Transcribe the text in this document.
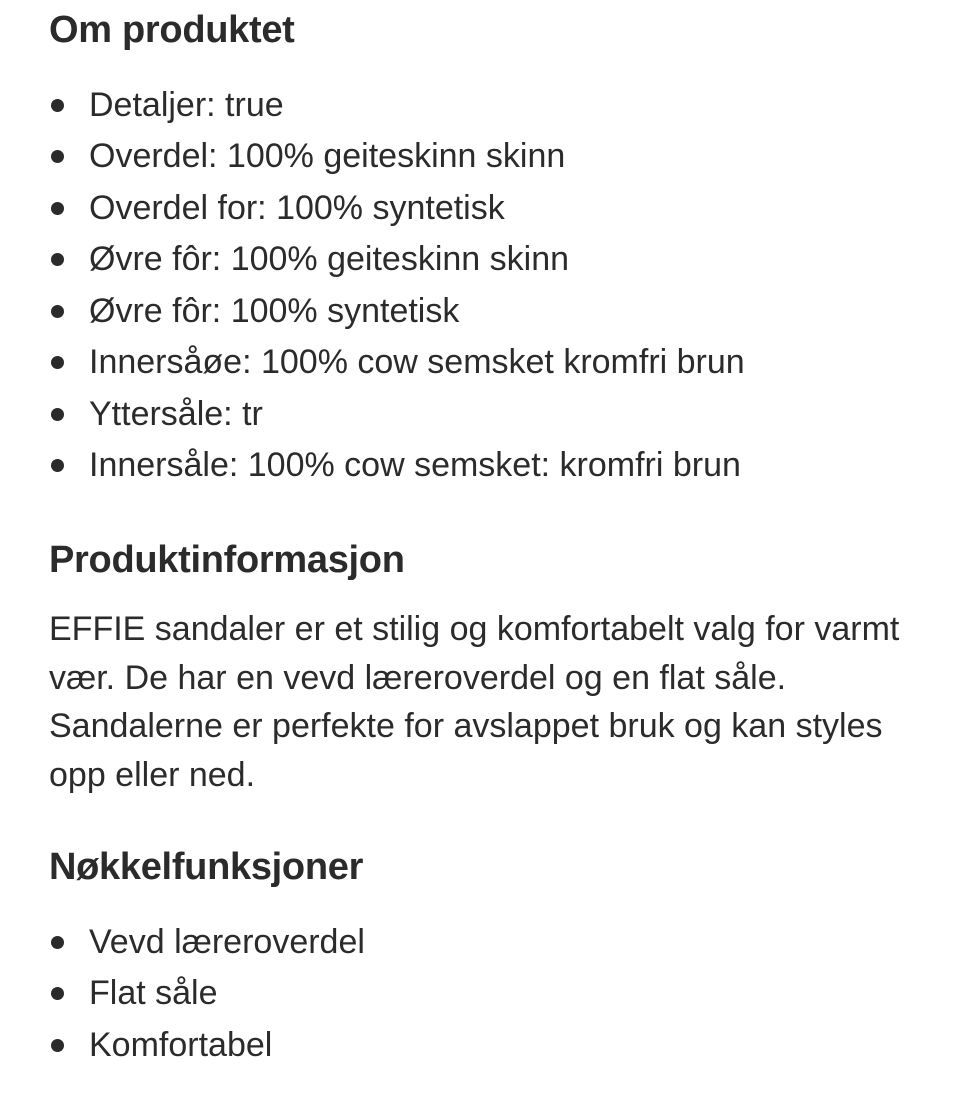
Om produktet
Detaljer: true
Overdel: 100% geiteskinn skinn
Overdel for: 100% syntetisk
Øvre fôr: 100% geiteskinn skinn
Øvre fôr: 100% syntetisk
Innersåøe: 100% cow semsket kromfri brun
Yttersåle: tr
Innersåle: 100% cow semsket: kromfri brun
Produktinformasjon

EFFIE sandaler er et stilig og komfortabelt valg for varmt vær. De har en vevd læreroverdel og en flat såle. Sandalerne er perfekte for avslappet bruk og kan styles opp eller ned.

Nøkkelfunksjoner
Vevd læreroverdel
Flat såle
Komfortabel
